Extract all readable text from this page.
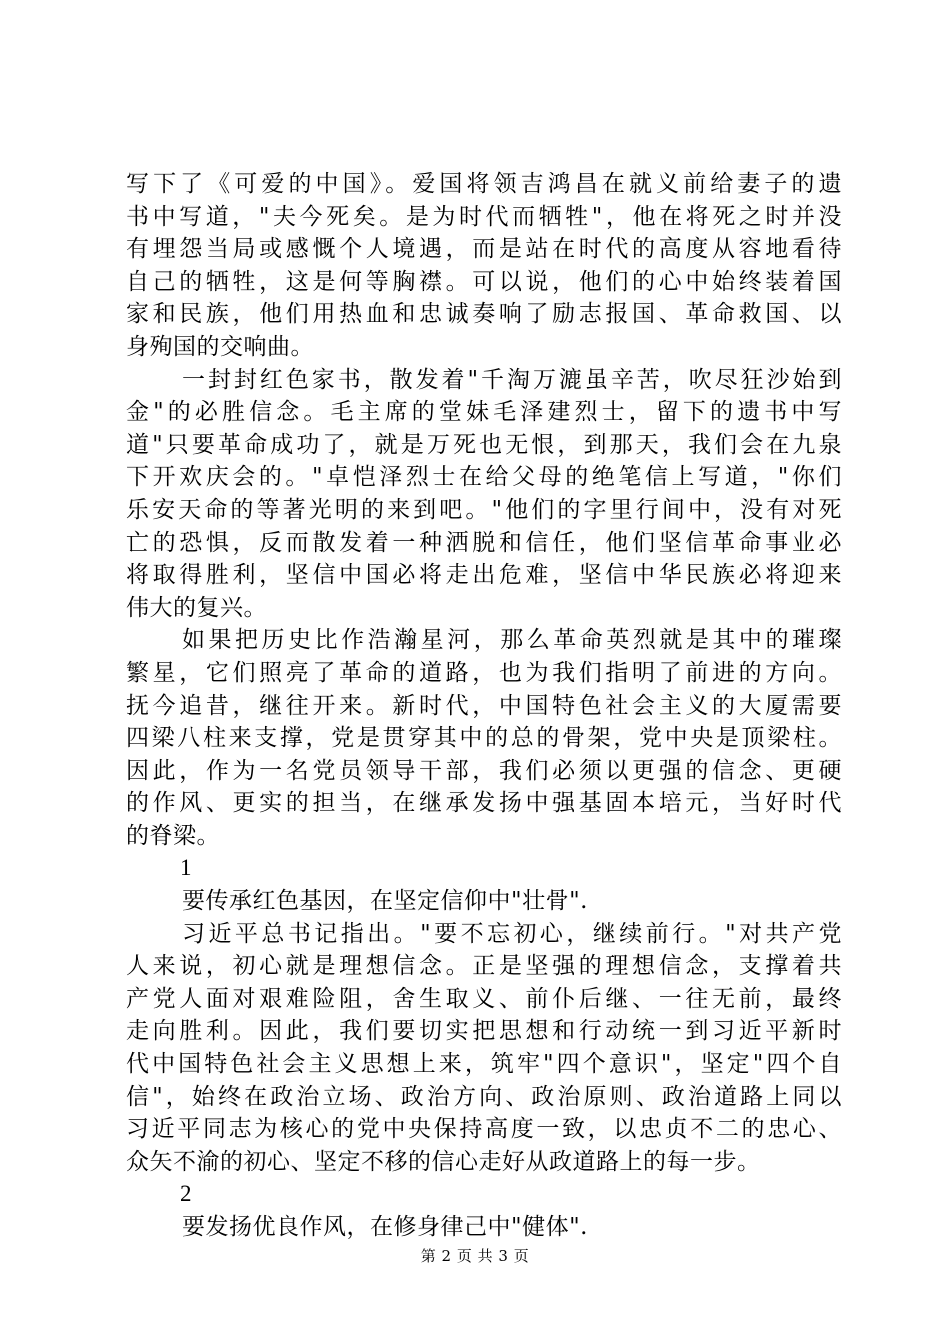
写下了《可爱的中国》。爱国将领吉鸿昌在就义前给妻子的遗
书中写道，"夫今死矣。是为时代而牺牲"，他在将死之时并没
有埋怨当局或感慨个人境遇，而是站在时代的高度从容地看待
自己的牺牲，这是何等胸襟。可以说，他们的心中始终装着国
家和民族，他们用热血和忠诚奏响了励志报国、革命救国、以
身殉国的交响曲。
一封封红色家书，散发着"千淘万漉虽辛苦，吹尽狂沙始到
金"的必胜信念。毛主席的堂妹毛泽建烈士，留下的遗书中写
道"只要革命成功了，就是万死也无恨，到那天，我们会在九泉
下开欢庆会的。"卓恺泽烈士在给父母的绝笔信上写道，"你们
乐安天命的等著光明的来到吧。"他们的字里行间中，没有对死
亡的恐惧，反而散发着一种洒脱和信任，他们坚信革命事业必
将取得胜利，坚信中国必将走出危难，坚信中华民族必将迎来
伟大的复兴。
如果把历史比作浩瀚星河，那么革命英烈就是其中的璀璨
繁星，它们照亮了革命的道路，也为我们指明了前进的方向。
抚今追昔，继往开来。新时代，中国特色社会主义的大厦需要
四梁八柱来支撑，党是贯穿其中的总的骨架，党中央是顶梁柱。
因此，作为一名党员领导干部，我们必须以更强的信念、更硬
的作风、更实的担当，在继承发扬中强基固本培元，当好时代
的脊梁。
1
要传承红色基因，在坚定信仰中"壮骨".
习近平总书记指出。"要不忘初心，继续前行。"对共产党
人来说，初心就是理想信念。正是坚强的理想信念，支撑着共
产党人面对艰难险阻，舍生取义、前仆后继、一往无前，最终
走向胜利。因此，我们要切实把思想和行动统一到习近平新时
代中国特色社会主义思想上来，筑牢"四个意识"，坚定"四个自
信"，始终在政治立场、政治方向、政治原则、政治道路上同以
习近平同志为核心的党中央保持高度一致，以忠贞不二的忠心、
众矢不渝的初心、坚定不移的信心走好从政道路上的每一步。
2
要发扬优良作风，在修身律己中"健体".
第 2 页 共 3 页
